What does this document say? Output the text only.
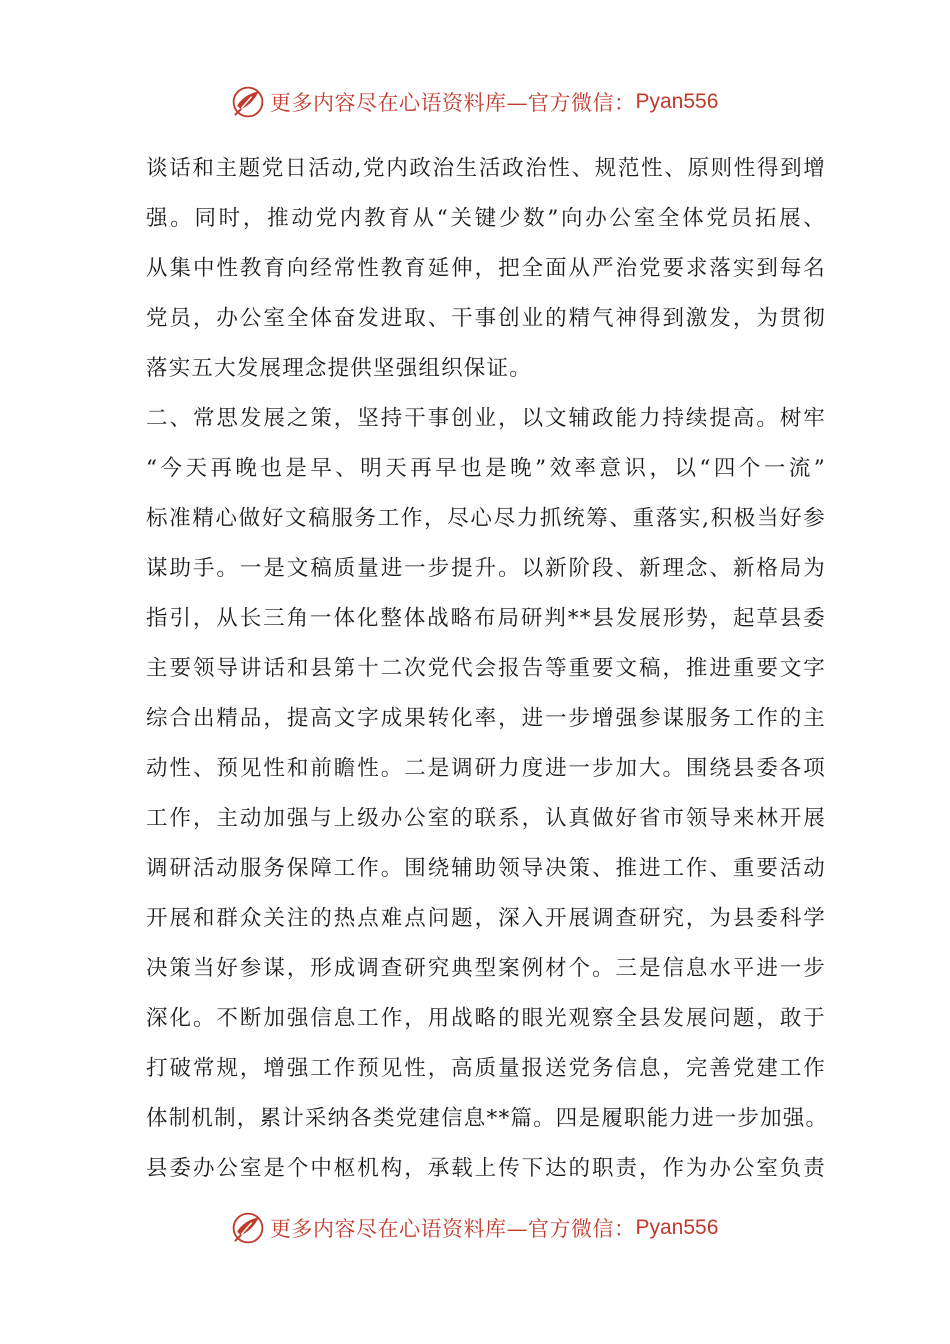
更多内容尽在心语资料库—官方微信： Pyan556
谈话和主题党日活动,党内政治生活政治性、规范性、原则性得到增
强。同时，推动党内教育从“关键少数”向办公室全体党员拓展、
从集中性教育向经常性教育延伸，把全面从严治党要求落实到每名
党员，办公室全体奋发进取、干事创业的精气神得到激发，为贯彻
落实五大发展理念提供坚强组织保证。
二、常思发展之策，坚持干事创业，以文辅政能力持续提高。树牢
“今天再晚也是早、明天再早也是晚”效率意识，以“四个一流”
标准精心做好文稿服务工作，尽心尽力抓统筹、重落实,积极当好参
谋助手。一是文稿质量进一步提升。以新阶段、新理念、新格局为
指引，从长三角一体化整体战略布局研判**县发展形势，起草县委
主要领导讲话和县第十二次党代会报告等重要文稿，推进重要文字
综合出精品，提高文字成果转化率，进一步增强参谋服务工作的主
动性、预见性和前瞻性。二是调研力度进一步加大。围绕县委各项
工作，主动加强与上级办公室的联系，认真做好省市领导来林开展
调研活动服务保障工作。围绕辅助领导决策、推进工作、重要活动
开展和群众关注的热点难点问题，深入开展调查研究，为县委科学
决策当好参谋，形成调查研究典型案例材个。三是信息水平进一步
深化。不断加强信息工作，用战略的眼光观察全县发展问题，敢于
打破常规，增强工作预见性，高质量报送党务信息，完善党建工作
体制机制，累计采纳各类党建信息**篇。四是履职能力进一步加强。
县委办公室是个中枢机构，承载上传下达的职责，作为办公室负责
更多内容尽在心语资料库—官方微信： Pyan556
